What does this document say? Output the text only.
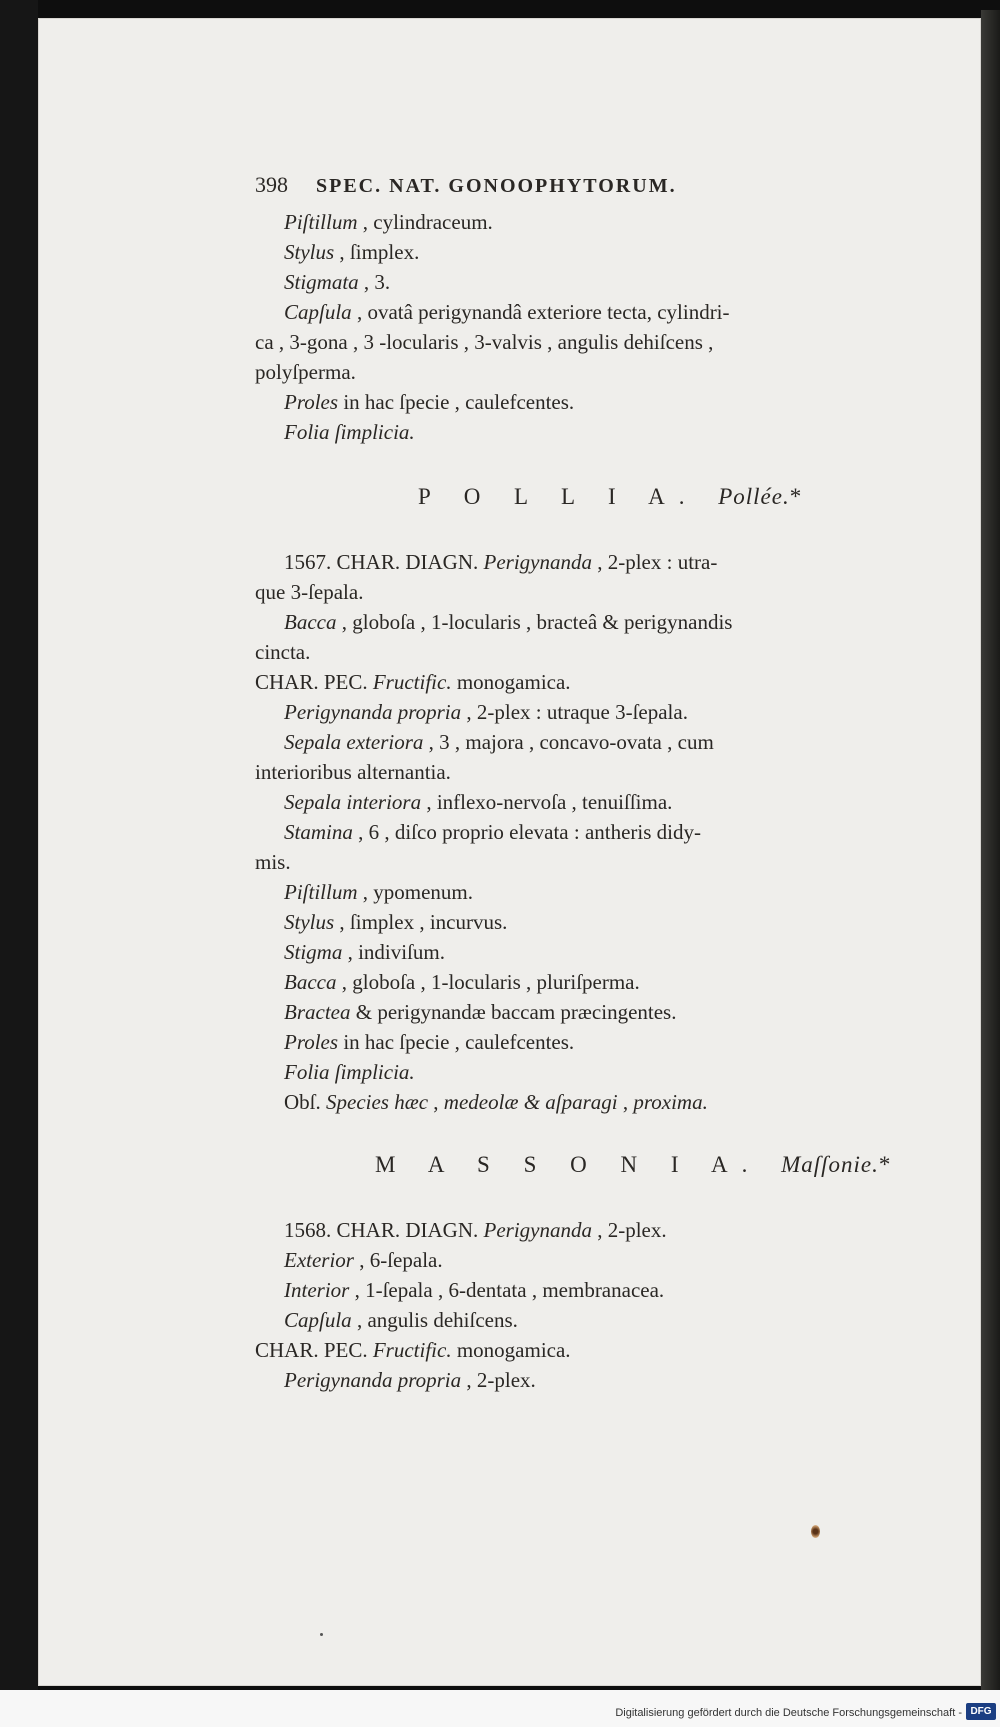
398 SPEC. NAT. GONOOPHYTORUM.
Piſtillum , cylindraceum.
Stylus , ſimplex.
Stigmata , 3.
Capſula , ovatâ perigynandâ exteriore tecta, cylindri-
ca , 3-gona , 3 -locularis , 3-valvis , angulis dehiſcens ,
polyſperma.
Proles in hac ſpecie , caulefcentes.
Folia ſimplicia.
P O L L I A. Pollée.*
1567. CHAR. DIAGN. Perigynanda , 2-plex : utra-
que 3-ſepala.
Bacca , globoſa , 1-locularis , bracteâ & perigynandis
cincta.
CHAR. PEC. Fructific. monogamica.
Perigynanda propria , 2-plex : utraque 3-ſepala.
Sepala exteriora , 3 , majora , concavo-ovata , cum
interioribus alternantia.
Sepala interiora , inflexo-nervoſa , tenuiſſima.
Stamina , 6 , diſco proprio elevata : antheris didy-
mis.
Piſtillum , ypomenum.
Stylus , ſimplex , incurvus.
Stigma , indiviſum.
Bacca , globoſa , 1-locularis , pluriſperma.
Bractea & perigynandæ baccam præcingentes.
Proles in hac ſpecie , caulefcentes.
Folia ſimplicia.
Obſ. Species hæc , medeolæ & aſparagi , proxima.
M A S S O N I A. Maſſonie.*
1568. CHAR. DIAGN. Perigynanda , 2-plex.
Exterior , 6-ſepala.
Interior , 1-ſepala , 6-dentata , membranacea.
Capſula , angulis dehiſcens.
CHAR. PEC. Fructific. monogamica.
Perigynanda propria , 2-plex.
Digitalisierung gefördert durch die Deutsche Forschungsgemeinschaft - DFG
